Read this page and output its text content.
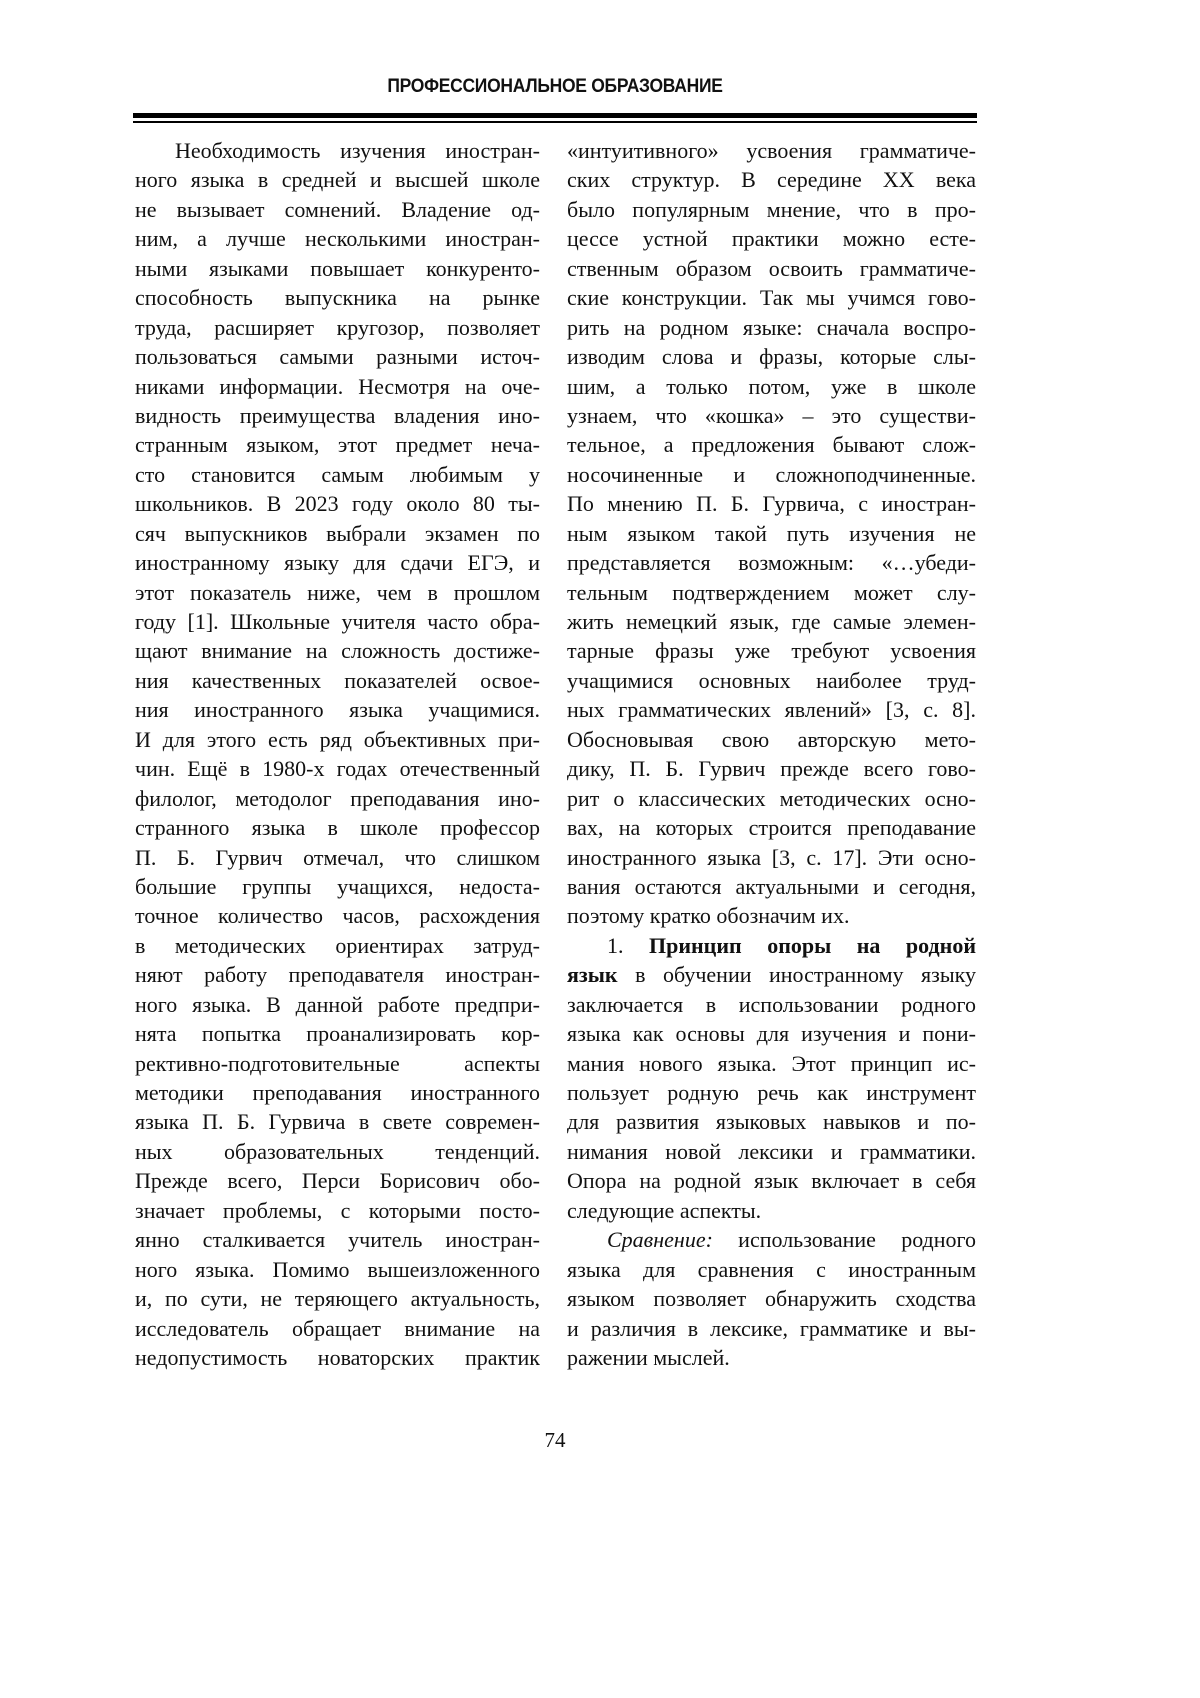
ПРОФЕССИОНАЛЬНОЕ ОБРАЗОВАНИЕ
Необходимость изучения иностран-
ного языка в средней и высшей школе
не вызывает сомнений. Владение од-
ним, а лучше несколькими иностран-
ными языками повышает конкуренто-
способность выпускника на рынке
труда, расширяет кругозор, позволяет
пользоваться самыми разными источ-
никами информации. Несмотря на оче-
видность преимущества владения ино-
странным языком, этот предмет неча-
сто становится самым любимым у
школьников. В 2023 году около 80 ты-
сяч выпускников выбрали экзамен по
иностранному языку для сдачи ЕГЭ, и
этот показатель ниже, чем в прошлом
году [1]. Школьные учителя часто обра-
щают внимание на сложность достиже-
ния качественных показателей освое-
ния иностранного языка учащимися.
И для этого есть ряд объективных при-
чин. Ещё в 1980-х годах отечественный
филолог, методолог преподавания ино-
странного языка в школе профессор
П. Б. Гурвич отмечал, что слишком
большие группы учащихся, недоста-
точное количество часов, расхождения
в методических ориентирах затруд-
няют работу преподавателя иностран-
ного языка. В данной работе предпри-
нята попытка проанализировать кор-
рективно-подготовительные аспекты
методики преподавания иностранного
языка П. Б. Гурвича в свете современ-
ных образовательных тенденций.
Прежде всего, Перси Борисович обо-
значает проблемы, с которыми посто-
янно сталкивается учитель иностран-
ного языка. Помимо вышеизложенного
и, по сути, не теряющего актуальность,
исследователь обращает внимание на
недопустимость новаторских практик
«интуитивного» усвоения грамматиче-
ских структур. В середине XX века
было популярным мнение, что в про-
цессе устной практики можно есте-
ственным образом освоить грамматиче-
ские конструкции. Так мы учимся гово-
рить на родном языке: сначала воспро-
изводим слова и фразы, которые слы-
шим, а только потом, уже в школе
узнаем, что «кошка» – это существи-
тельное, а предложения бывают слож-
носочиненные и сложноподчиненные.
По мнению П. Б. Гурвича, с иностран-
ным языком такой путь изучения не
представляется возможным: «…убеди-
тельным подтверждением может слу-
жить немецкий язык, где самые элемен-
тарные фразы уже требуют усвоения
учащимися основных наиболее труд-
ных грамматических явлений» [3, с. 8].
Обосновывая свою авторскую мето-
дику, П. Б. Гурвич прежде всего гово-
рит о классических методических осно-
вах, на которых строится преподавание
иностранного языка [3, с. 17]. Эти осно-
вания остаются актуальными и сегодня,
поэтому кратко обозначим их.
1. Принцип опоры на родной
язык в обучении иностранному языку
заключается в использовании родного
языка как основы для изучения и пони-
мания нового языка. Этот принцип ис-
пользует родную речь как инструмент
для развития языковых навыков и по-
нимания новой лексики и грамматики.
Опора на родной язык включает в себя
следующие аспекты.
Сравнение: использование родного
языка для сравнения с иностранным
языком позволяет обнаружить сходства
и различия в лексике, грамматике и вы-
ражении мыслей.
74
